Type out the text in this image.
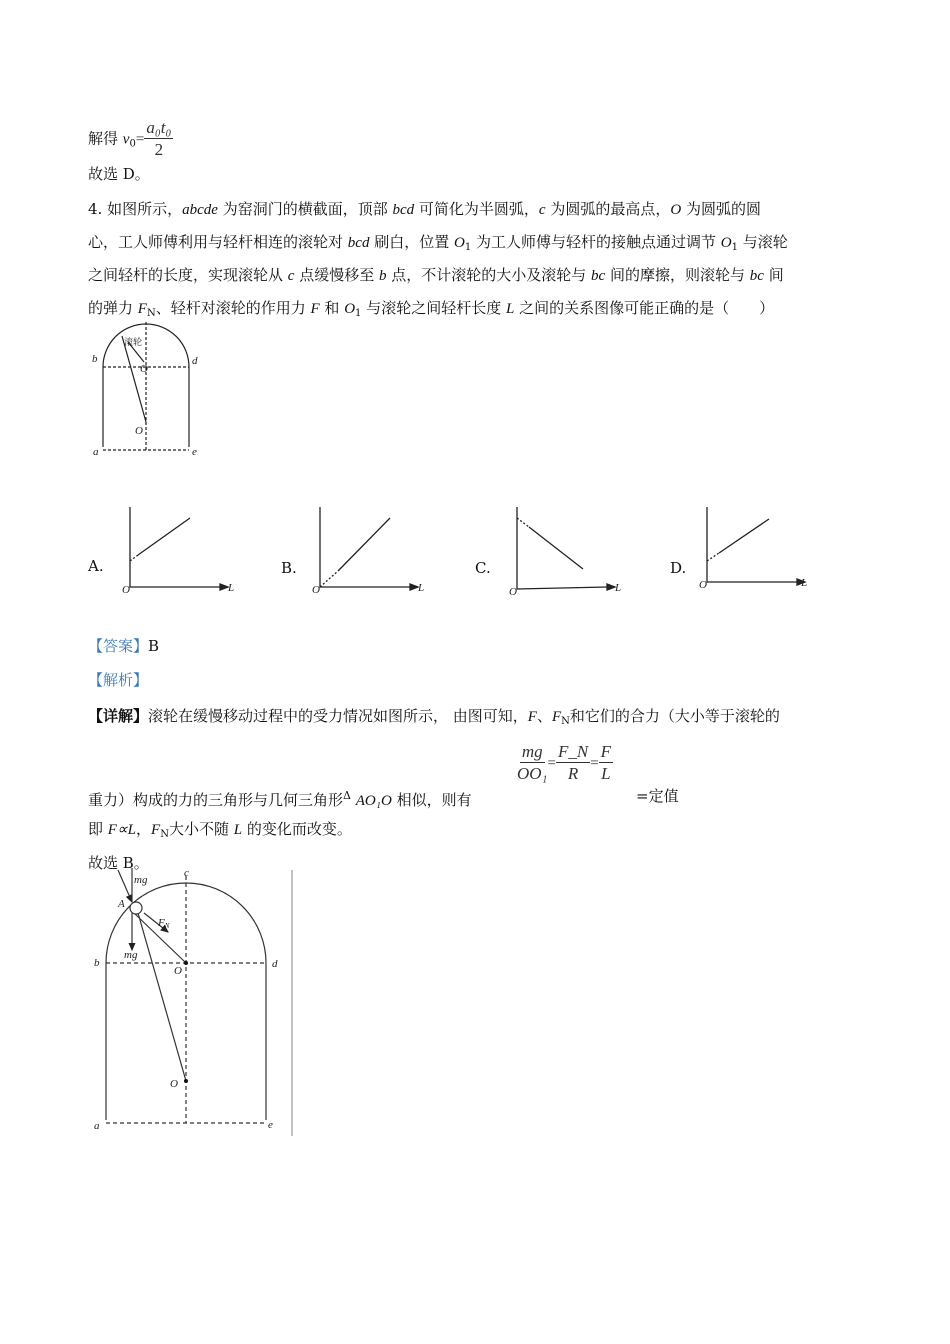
解得 $v_0= \frac{\text{a₀t₀}}{2}$
故选 D。
4. 如图所示，abcde 为窑洞门的横截面，顶部 bcd 可简化为半圆弧，c 为圆弧的最高点，O 为圆弧的圆
心，工人师傅利用与轻杆相连的滚轮对 bcd 刷白，位置 $O_1$ 为工人师傅与轻杆的接触点通过调节 $O_1$ 与滚轮
之间轻杆的长度，实现滚轮从 c 点缓慢移至 b 点，不计滚轮的大小及滚轮与 bc 间的摩擦，则滚轮与 bc 间
的弹力 $F_N$、轻杆对滚轮的作用力 F 和 $O_1$ 与滚轮之间轻杆长度 L 之间的关系图像可能正确的是（　　）
滚轮
b	d
O
O
a	e
A.
O	L
B.
O	L
C.
O	L
D.
O	L
【答案】B
【解析】
【详解】滚轮在缓慢移动过程中的受力情况如图所示， 由图可知，F、$F_N$和它们的合力（大小等于滚轮的
重力）构成的力的三角形与几何三角形$^\Delta$ AO₁O 相似，则有
$\frac{mg}{\text{OO₁}} = \frac{F\_N}{R} = \frac{F}{L}$
=定值
即 F∝L，$F_N$大小不随 L 的变化而改变。
故选 B。
c
mg
A
FN
mg
b	d
O
O
a	e
